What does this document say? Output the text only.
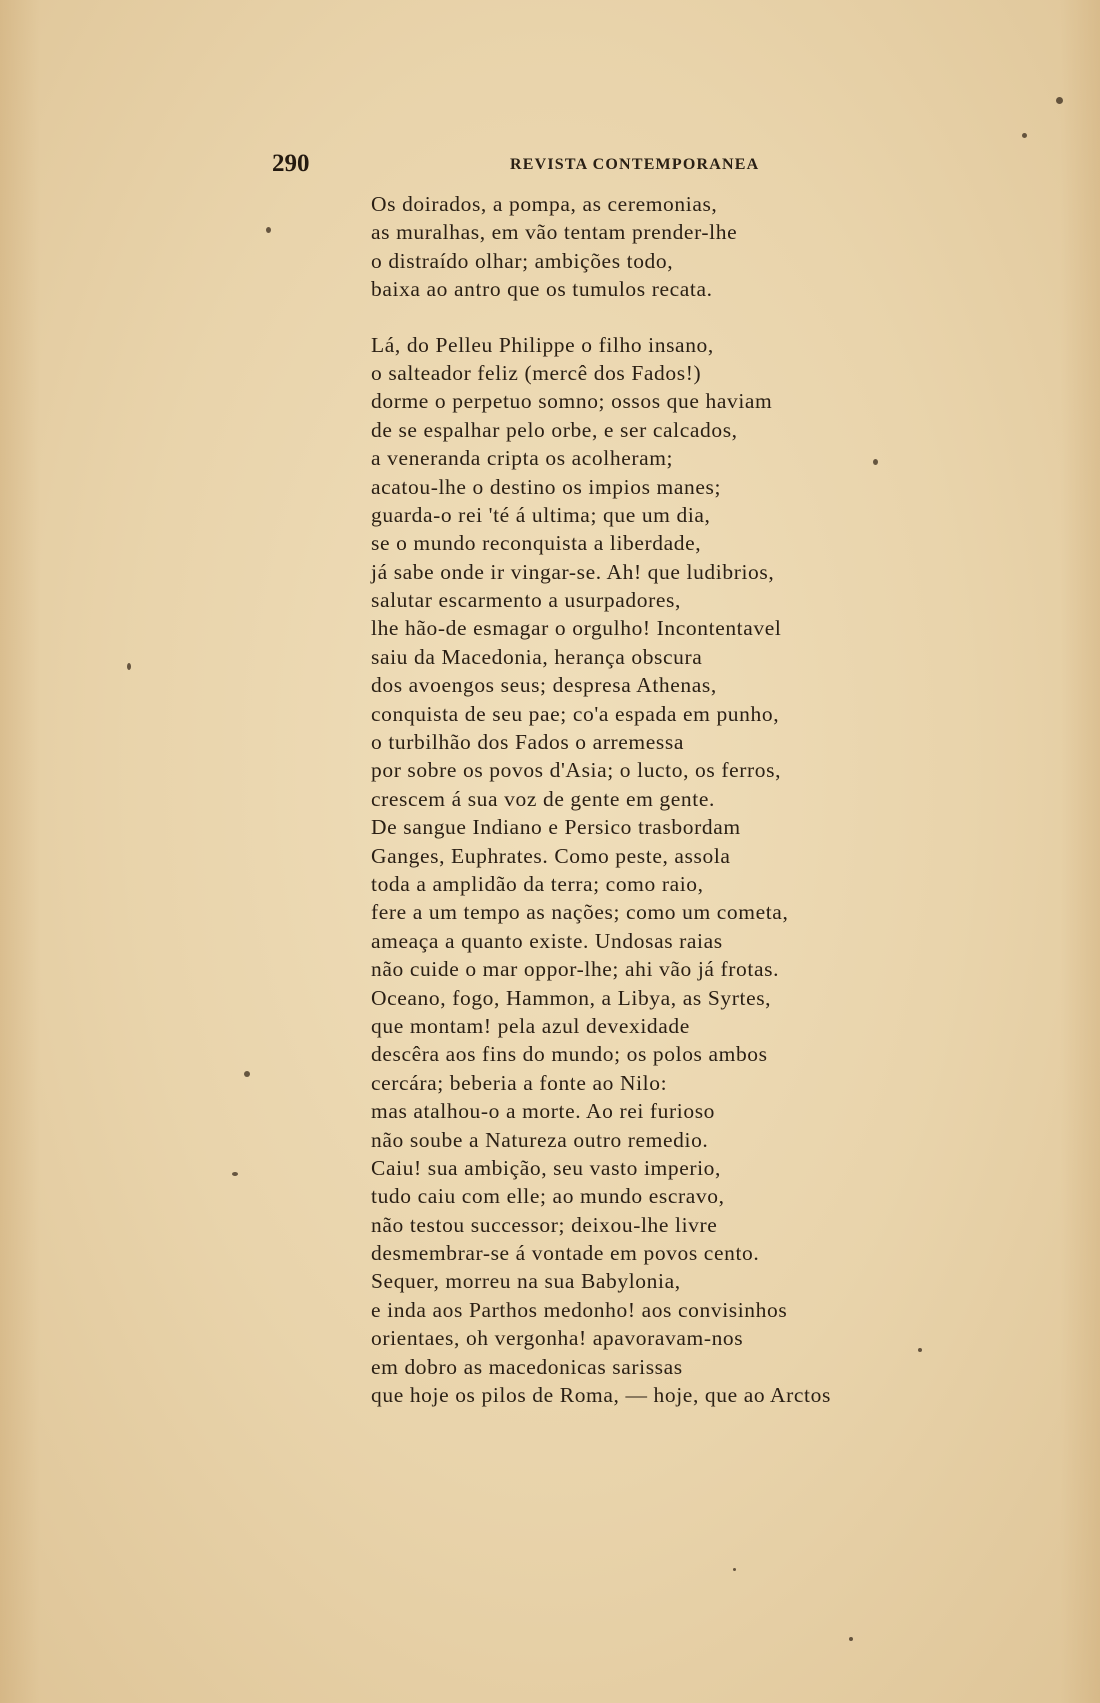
290	REVISTA CONTEMPORANEA
Os doirados, a pompa, as ceremonias,
as muralhas, em vão tentam prender-lhe
o distraído olhar; ambições todo,
baixa ao antro que os tumulos recata.
Lá, do Pelleu Philippe o filho insano,
o salteador feliz (mercê dos Fados!)
dorme o perpetuo somno; ossos que haviam
de se espalhar pelo orbe, e ser calcados,
a veneranda cripta os acolheram;
acatou-lhe o destino os impios manes;
guarda-o rei 'té á ultima; que um dia,
se o mundo reconquista a liberdade,
já sabe onde ir vingar-se. Ah! que ludibrios,
salutar escarmento a usurpadores,
lhe hão-de esmagar o orgulho! Incontentavel
saiu da Macedonia, herança obscura
dos avoengos seus; despresa Athenas,
conquista de seu pae; co'a espada em punho,
o turbilhão dos Fados o arremessa
por sobre os povos d'Asia; o lucto, os ferros,
crescem á sua voz de gente em gente.
De sangue Indiano e Persico trasbordam
Ganges, Euphrates. Como peste, assola
toda a amplidão da terra; como raio,
fere a um tempo as nações; como um cometa,
ameaça a quanto existe. Undosas raias
não cuide o mar oppor-lhe; ahi vão já frotas.
Oceano, fogo, Hammon, a Libya, as Syrtes,
que montam! pela azul devexidade
descêra aos fins do mundo; os polos ambos
cercára; beberia a fonte ao Nilo:
mas atalhou-o a morte. Ao rei furioso
não soube a Natureza outro remedio.
Caiu! sua ambição, seu vasto imperio,
tudo caiu com elle; ao mundo escravo,
não testou successor; deixou-lhe livre
desmembrar-se á vontade em povos cento.
Sequer, morreu na sua Babylonia,
e inda aos Parthos medonho! aos convisinhos
orientaes, oh vergonha! apavoravam-nos
em dobro as macedonicas sarissas
que hoje os pilos de Roma, — hoje, que ao Arctos
